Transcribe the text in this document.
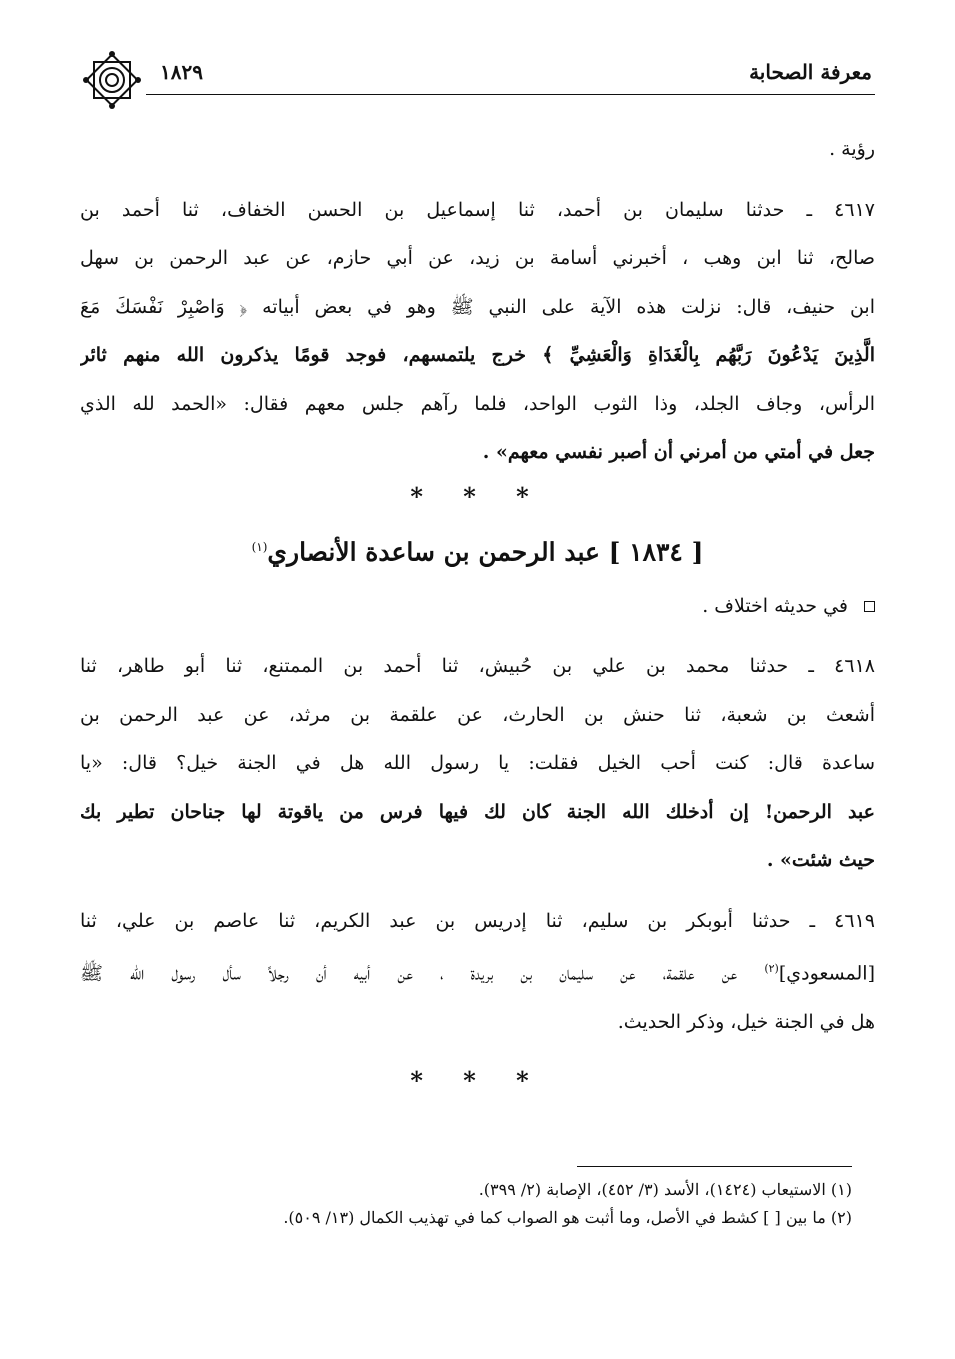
معرفة الصحابة
١٨٢٩
رؤية .
٤٦١٧ ـ حدثنا سليمان بن أحمد، ثنا إسماعيل بن الحسن الخفاف، ثنا أحمد بن
صالح، ثنا ابن وهب ، أخبرني أسامة بن زيد، عن أبي حازم، عن عبد الرحمن بن سهل
ابن حنيف، قال: نزلت هذه الآية على النبي ﷺ وهو في بعض أبياته ﴿ وَاصْبِرْ نَفْسَكَ مَعَ
الَّذِينَ يَدْعُونَ رَبَّهُم بِالْغَدَاةِ وَالْعَشِيِّ ﴾ خرج يلتمسهم، فوجد قومًا يذكرون الله منهم ثائر
الرأس، وجاف الجلد، وذا الثوب الواحد، فلما رآهم جلس معهم فقال: «الحمد لله الذي
جعل في أمتي من أمرني أن أصبر نفسي معهم» .
* * *
[ ١٨٣٤ ] عبد الرحمن بن ساعدة الأنصاري$^{(١)}$
في حديثه اختلاف .
٤٦١٨ ـ حدثنا محمد بن علي بن حُبيش، ثنا أحمد بن الممتنع، ثنا أبو طاهر، ثنا
أشعث بن شعبة، ثنا حنش بن الحارث، عن علقمة بن مرثد، عن عبد الرحمن بن
ساعدة قال: كنت أحب الخيل فقلت: يا رسول الله هل في الجنة خيل؟ قال: «يا
عبد الرحمن! إن أدخلك الله الجنة كان لك فيها فرس من ياقوتة لها جناحان تطير بك
حيث شئت» .
٤٦١٩ ـ حدثنا أبوبكر بن سليم، ثنا إدريس بن عبد الكريم، ثنا عاصم بن علي، ثنا
[المسعودي]$^{(٢)}$ عن علقمة، عن سليمان بن بريدة ، عن أبيه أن رجلاً سأل رسول الله ﷺ
هل في الجنة خيل، وذكر الحديث.
* * *
(١) الاستيعاب (١٤٢٤)، الأسد (٣/ ٤٥٢)، الإصابة (٢/ ٣٩٩).
(٢) ما بين [ ] كشط في الأصل، وما أثبت هو الصواب كما في تهذيب الكمال (١٣/ ٥٠٩).
